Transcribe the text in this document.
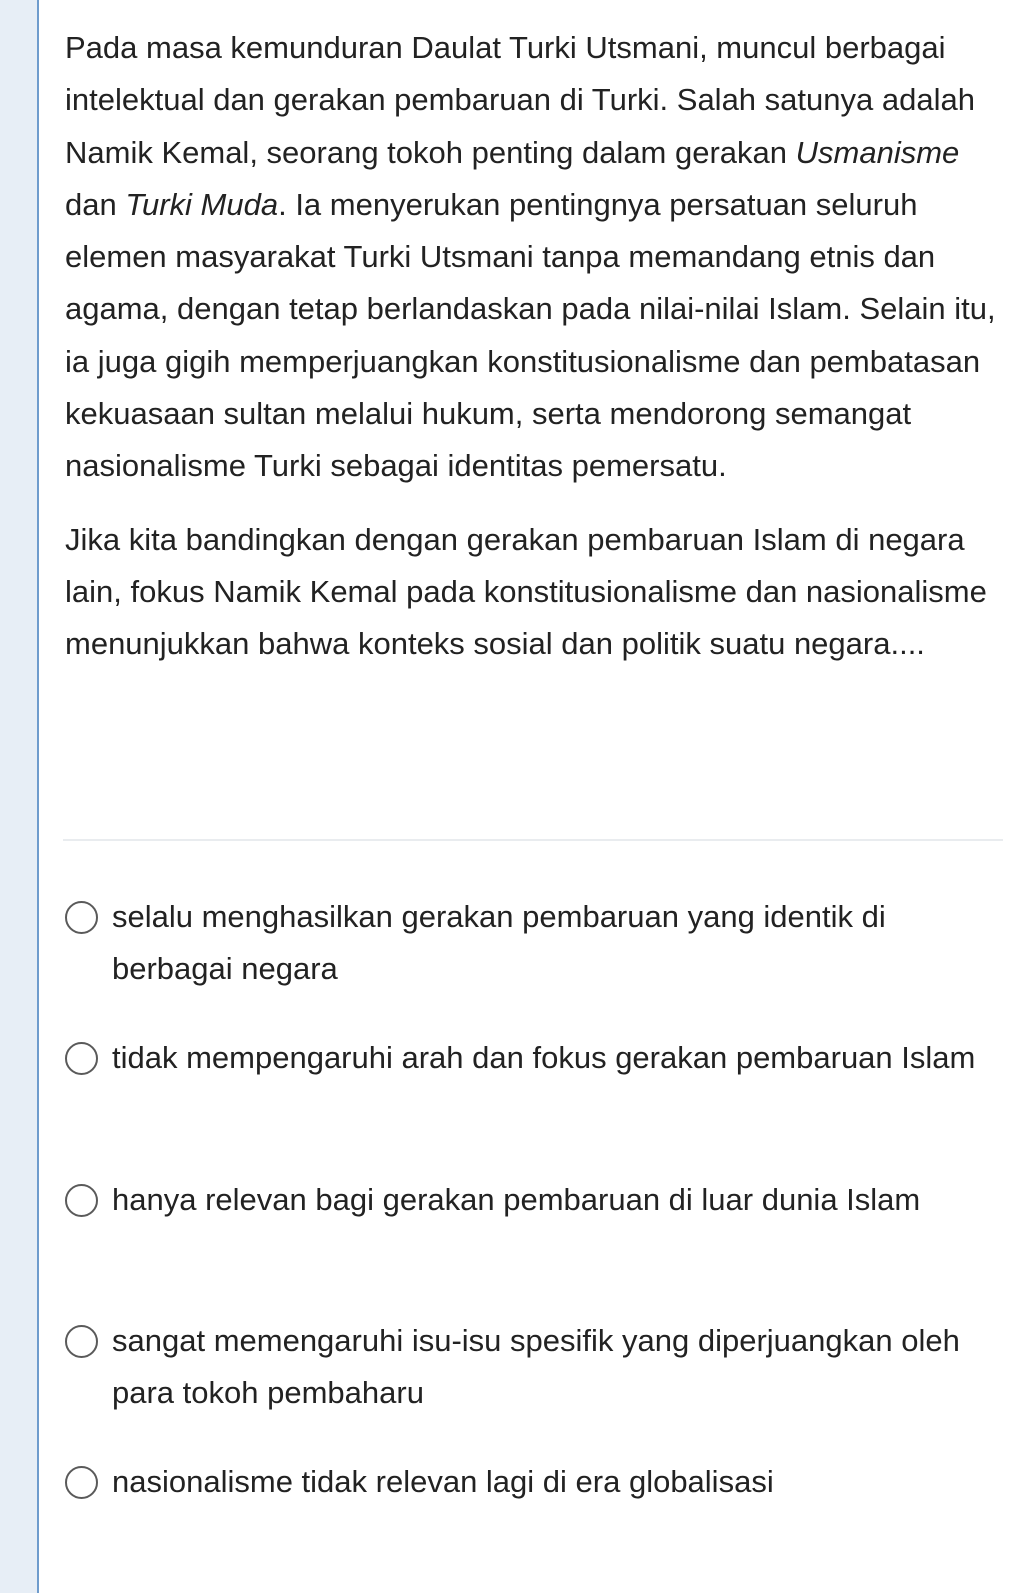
Pada masa kemunduran Daulat Turki Utsmani, muncul berbagai intelektual dan gerakan pembaruan di Turki. Salah satunya adalah Namik Kemal, seorang tokoh penting dalam gerakan Usmanisme dan Turki Muda. Ia menyerukan pentingnya persatuan seluruh elemen masyarakat Turki Utsmani tanpa memandang etnis dan agama, dengan tetap berlandaskan pada nilai-nilai Islam. Selain itu, ia juga gigih memperjuangkan konstitusionalisme dan pembatasan kekuasaan sultan melalui hukum, serta mendorong semangat nasionalisme Turki sebagai identitas pemersatu.

Jika kita bandingkan dengan gerakan pembaruan Islam di negara lain, fokus Namik Kemal pada konstitusionalisme dan nasionalisme menunjukkan bahwa konteks sosial dan politik suatu negara....

selalu menghasilkan gerakan pembaruan yang identik di berbagai negara
tidak mempengaruhi arah dan fokus gerakan pembaruan Islam
hanya relevan bagi gerakan pembaruan di luar dunia Islam
sangat memengaruhi isu-isu spesifik yang diperjuangkan oleh para tokoh pembaharu
nasionalisme tidak relevan lagi di era globalisasi
